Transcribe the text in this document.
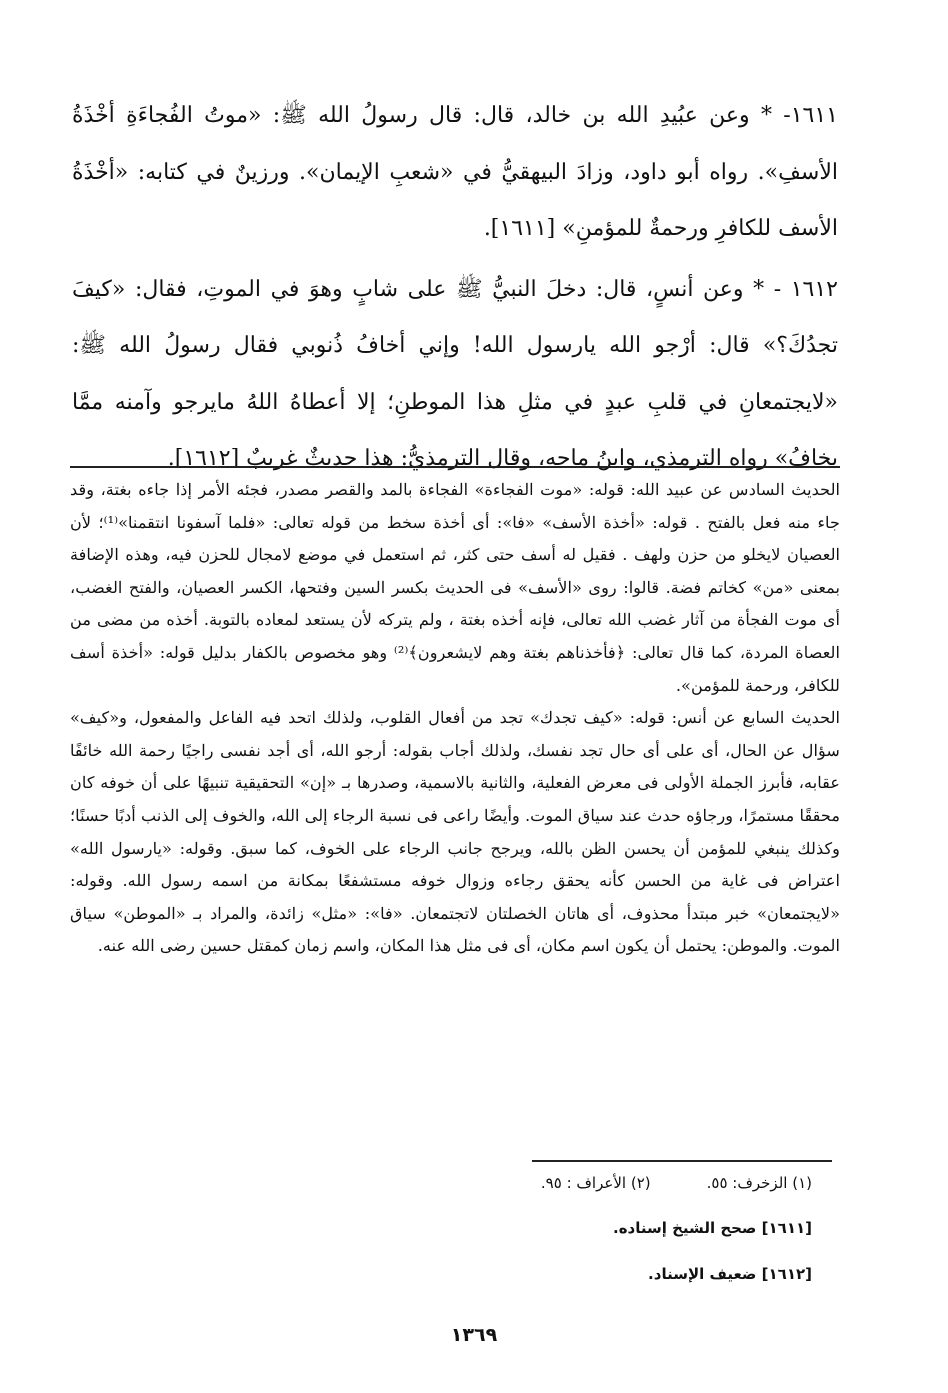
١٦١١- * وعن عبُيدِ الله بن خالد، قال: قال رسولُ الله ﷺ: «موتُ الفُجاءَةِ أخْذَةُ الأسفِ». رواه أبو داود، وزادَ البيهقيُّ في «شعبِ الإيمان». ورزينٌ في كتابه: «أخْذَةُ الأسف للكافرِ ورحمةٌ للمؤمنِ» [١٦١١].

١٦١٢ - * وعن أنسٍ، قال: دخلَ النبيُّ ﷺ على شابٍ وهوَ في الموتِ، فقال: «كيفَ تجدُكَ؟» قال: أرْجو الله يارسول الله! وإني أخافُ ذُنوبي فقال رسولُ الله ﷺ: «لايجتمعانِ في قلبِ عبدٍ في مثلِ هذا الموطنِ؛ إلا أعطاهُ اللهُ مايرجو وآمنه ممَّا يخافُ» رواه الترمذي، وابنُ ماجه، وقال الترمذيُّ: هذا حديثٌ غريبٌ [١٦١٢].

الحديث السادس عن عبيد الله: قوله: «موت الفجاءة» الفجاءة بالمد والقصر مصدر، فجئه الأمر إذا جاءه بغتة، وقد جاء منه فعل بالفتح . قوله: «أخذة الأسف» «فا»: أى أخذة سخط من قوله تعالى: «فلما آسفونا انتقمنا»⁽¹⁾؛ لأن العصيان لايخلو من حزن ولهف . فقيل له أسف حتى كثر، ثم استعمل في موضع لامجال للحزن فيه، وهذه الإضافة بمعنى «من» كخاتم فضة. قالوا: روى «الأسف» فى الحديث بكسر السين وفتحها، الكسر العصيان، والفتح الغضب، أى موت الفجأة من آثار غضب الله تعالى، فإنه أخذه بغتة ، ولم يتركه لأن يستعد لمعاده بالتوبة. أخذه من مضى من العصاة المردة، كما قال تعالى: ﴿فأخذناهم بغتة وهم لايشعرون﴾⁽²⁾ وهو مخصوص بالكفار بدليل قوله: «أخذة أسف للكافر، ورحمة للمؤمن».

الحديث السابع عن أنس: قوله: «كيف تجدك» تجد من أفعال القلوب، ولذلك اتحد فيه الفاعل والمفعول، و«كيف» سؤال عن الحال، أى على أى حال تجد نفسك، ولذلك أجاب بقوله: أرجو الله، أى أجد نفسى راجيًا رحمة الله خائفًا عقابه، فأبرز الجملة الأولى فى معرض الفعلية، والثانية بالاسمية، وصدرها بـ «إن» التحقيقية تنبيهًا على أن خوفه كان محققًا مستمرًا، ورجاؤه حدث عند سياق الموت. وأيضًا راعى فى نسبة الرجاء إلى الله، والخوف إلى الذنب أدبًا حسنًا؛ وكذلك ينبغي للمؤمن أن يحسن الظن بالله، ويرجح جانب الرجاء على الخوف، كما سبق. وقوله: «يارسول الله» اعتراض فى غاية من الحسن كأنه يحقق رجاءه وزوال خوفه مستشفعًا بمكانة من اسمه رسول الله. وقوله: «لايجتمعان» خبر مبتدأ محذوف، أى هاتان الخصلتان لاتجتمعان. «فا»: «مثل» زائدة، والمراد بـ «الموطن» سياق الموت. والموطن: يحتمل أن يكون اسم مكان، أى فى مثل هذا المكان، واسم زمان كمقتل حسين رضى الله عنه.

(١) الزخرف: ٥٥.
(٢) الأعراف : ٩٥.
[١٦١١] صحح الشيخ إسناده.
[١٦١٢] ضعيف الإسناد.
١٣٦٩
